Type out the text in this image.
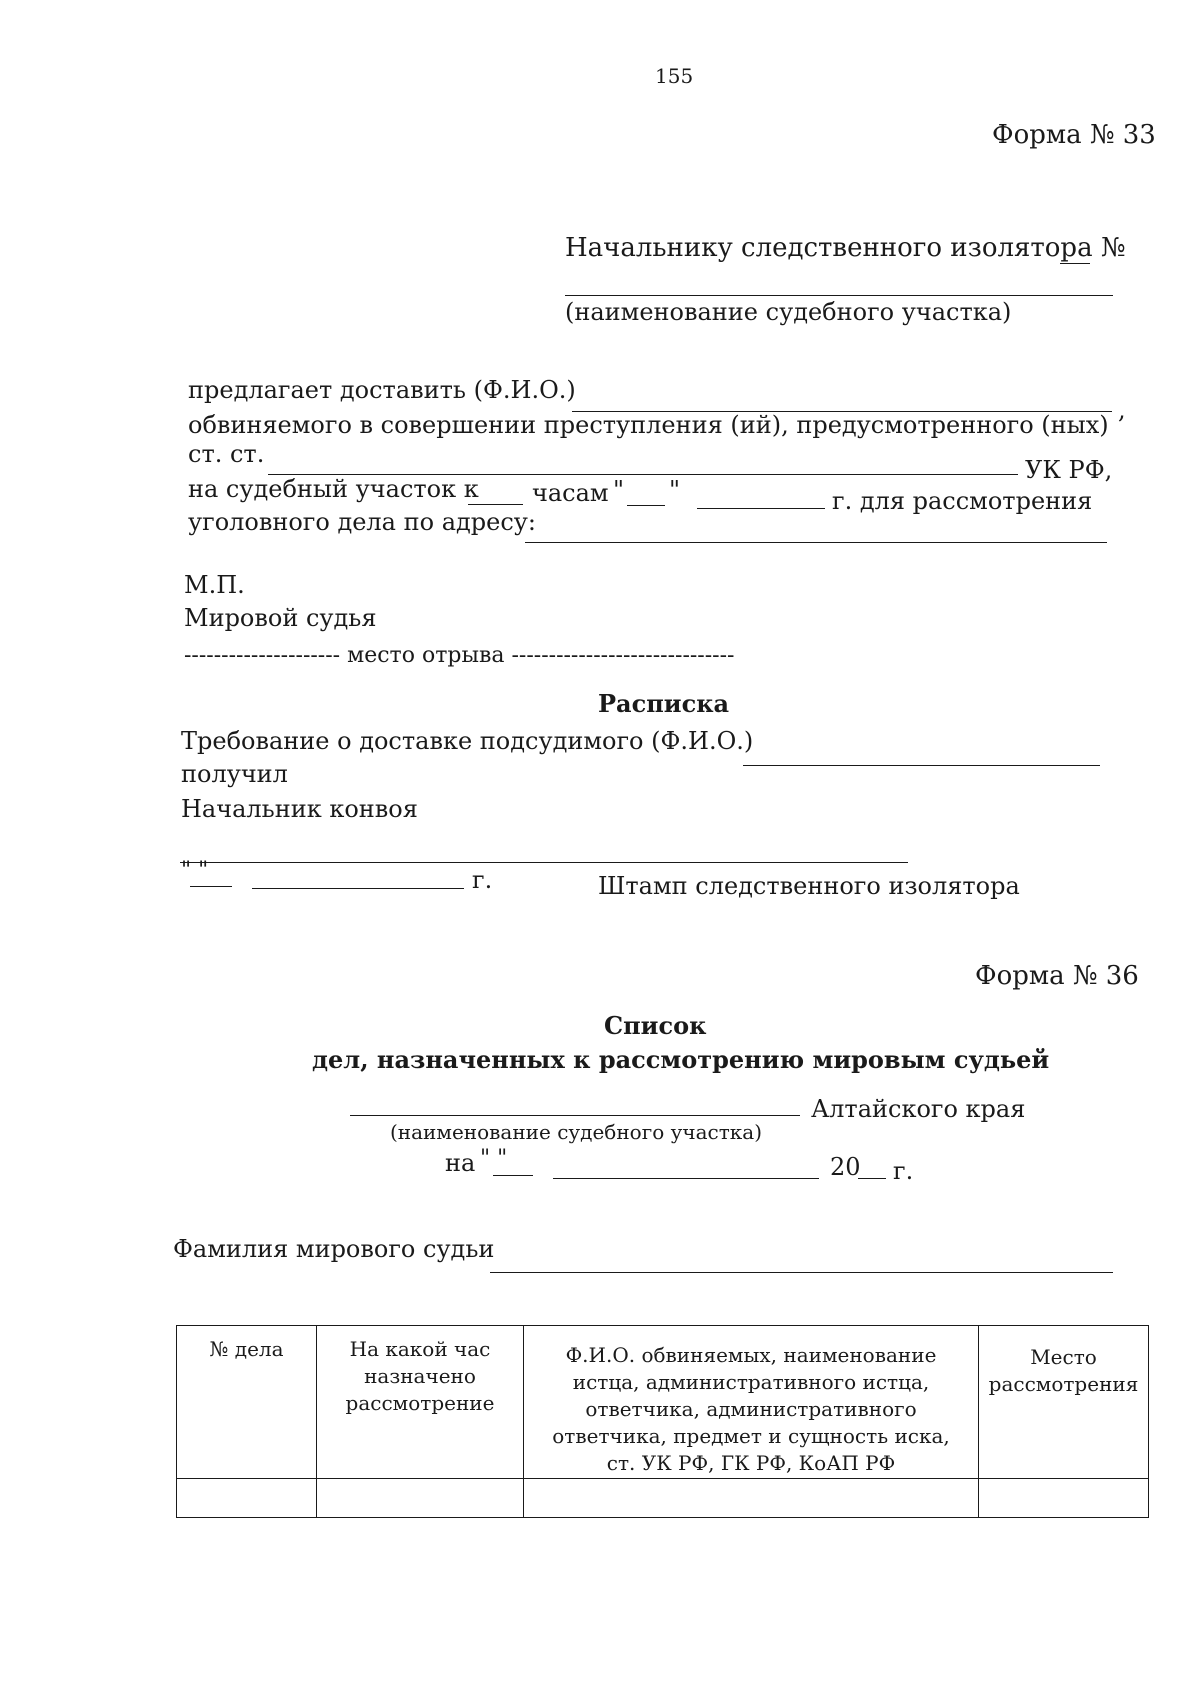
155
Форма № 33
Начальнику следственного изолятора №
(наименование судебного участка)
предлагает доставить (Ф.И.О.)
,
обвиняемого в совершении преступления (ий), предусмотренного (ных)
ст. ст.
УК РФ,
на судебный участок к часам " "	г. для рассмотрения
уголовного дела по адресу:
М.П.
Мировой судья
--------------------- место отрыва ------------------------------
Расписка
Требование о доставке подсудимого (Ф.И.О.)
получил
Начальник конвоя
" "	г.	Штамп следственного изолятора
Форма № 36
Список
дел, назначенных к рассмотрению мировым судьей
Алтайского края
(наименование судебного участка)
на " "	20 г.
Фамилия мирового судьи
№ дела	На какой час назначено рассмотрение	Ф.И.О. обвиняемых, наименование истца, административного истца, ответчика, административного ответчика, предмет и сущность иска, ст. УК РФ, ГК РФ, КоАП РФ	Место рассмотрения
